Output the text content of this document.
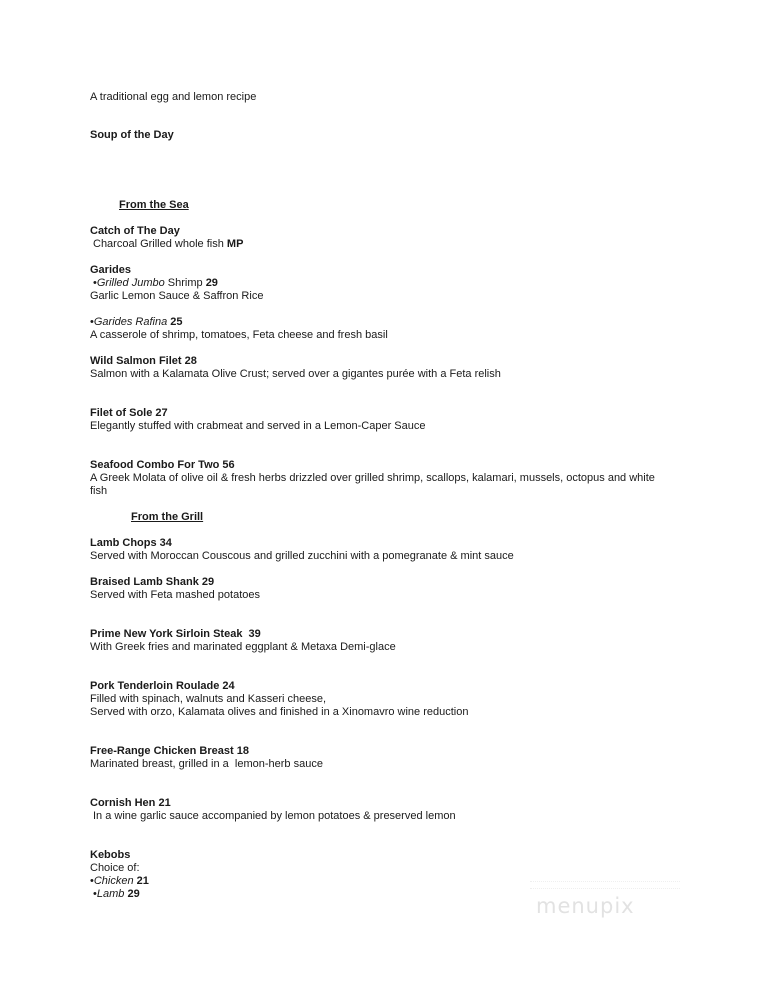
A traditional egg and lemon recipe
Soup of the Day
From the Sea
Catch of The Day
Charcoal Grilled whole fish MP
Garides
•Grilled Jumbo Shrimp 29
Garlic Lemon Sauce & Saffron Rice
•Garides Rafina 25
A casserole of shrimp, tomatoes, Feta cheese and fresh basil
Wild Salmon Filet 28
Salmon with a Kalamata Olive Crust; served over a gigantes purée with a Feta relish
Filet of Sole 27
Elegantly stuffed with crabmeat and served in a Lemon-Caper Sauce
Seafood Combo For Two 56
A Greek Molata of olive oil & fresh herbs drizzled over grilled shrimp, scallops, kalamari, mussels, octopus and white
fish
From the Grill
Lamb Chops 34
Served with Moroccan Couscous and grilled zucchini with a pomegranate & mint sauce
Braised Lamb Shank 29
Served with Feta mashed potatoes
Prime New York Sirloin Steak  39
With Greek fries and marinated eggplant & Metaxa Demi-glace
Pork Tenderloin Roulade 24
Filled with spinach, walnuts and Kasseri cheese,
Served with orzo, Kalamata olives and finished in a Xinomavro wine reduction
Free-Range Chicken Breast 18
Marinated breast, grilled in a  lemon-herb sauce
Cornish Hen 21
In a wine garlic sauce accompanied by lemon potatoes & preserved lemon
Kebobs
Choice of:
•Chicken 21
•Lamb 29	menupix
